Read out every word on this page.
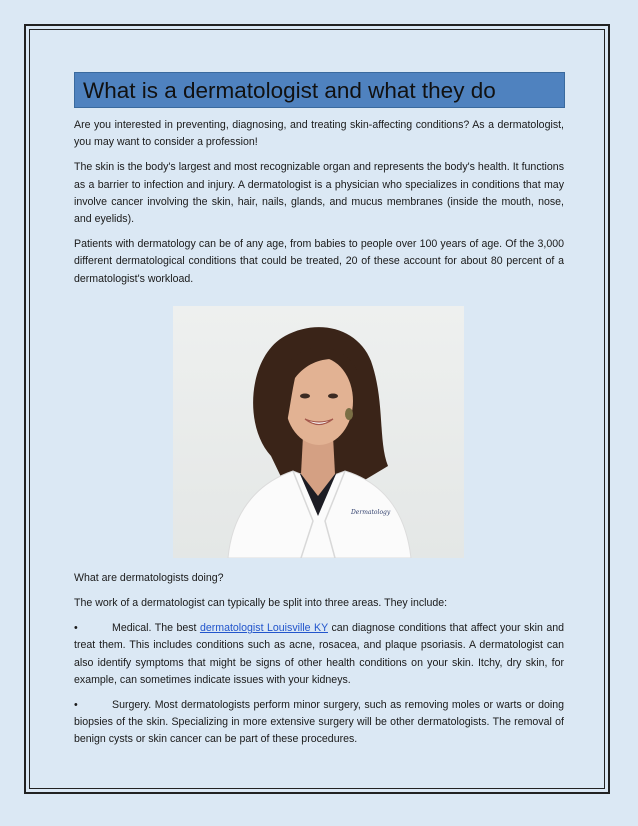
What is a dermatologist and what they do

Are you interested in preventing, diagnosing, and treating skin-affecting conditions? As a dermatologist, you may want to consider a profession!

The skin is the body's largest and most recognizable organ and represents the body's health. It functions as a barrier to infection and injury. A dermatologist is a physician who specializes in conditions that may involve cancer involving the skin, hair, nails, glands, and mucus membranes (inside the mouth, nose, and eyelids).

Patients with dermatology can be of any age, from babies to people over 100 years of age. Of the 3,000 different dermatological conditions that could be treated, 20 of these account for about 80 percent of a dermatologist's workload.

Dermatology

What are dermatologists doing?

The work of a dermatologist can typically be split into three areas. They include:

•	Medical. The best dermatologist Louisville KY can diagnose conditions that affect your skin and treat them. This includes conditions such as acne, rosacea, and plaque psoriasis. A dermatologist can also identify symptoms that might be signs of other health conditions on your skin. Itchy, dry skin, for example, can sometimes indicate issues with your kidneys.

•	Surgery. Most dermatologists perform minor surgery, such as removing moles or warts or doing biopsies of the skin. Specializing in more extensive surgery will be other dermatologists. The removal of benign cysts or skin cancer can be part of these procedures.
